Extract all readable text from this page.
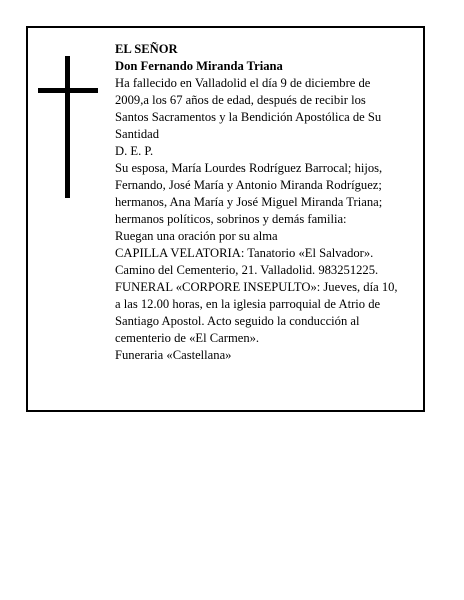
EL SEÑOR
Don Fernando Miranda Triana
Ha fallecido en Valladolid el día 9 de diciembre de
2009,a los 67 años de edad, después de recibir los
Santos Sacramentos y la Bendición Apostólica de Su
Santidad
D. E. P.
Su esposa, María Lourdes Rodríguez Barrocal; hijos,
Fernando, José María y Antonio Miranda Rodríguez;
hermanos, Ana María y José Miguel Miranda Triana;
hermanos políticos, sobrinos y demás familia:
Ruegan una oración por su alma
CAPILLA VELATORIA: Tanatorio «El Salvador».
Camino del Cementerio, 21. Valladolid. 983251225.
FUNERAL «CORPORE INSEPULTO»: Jueves, día 10,
a las 12.00 horas, en la iglesia parroquial de Atrio de
Santiago Apostol. Acto seguido la conducción al
cementerio de «El Carmen».
Funeraria «Castellana»
